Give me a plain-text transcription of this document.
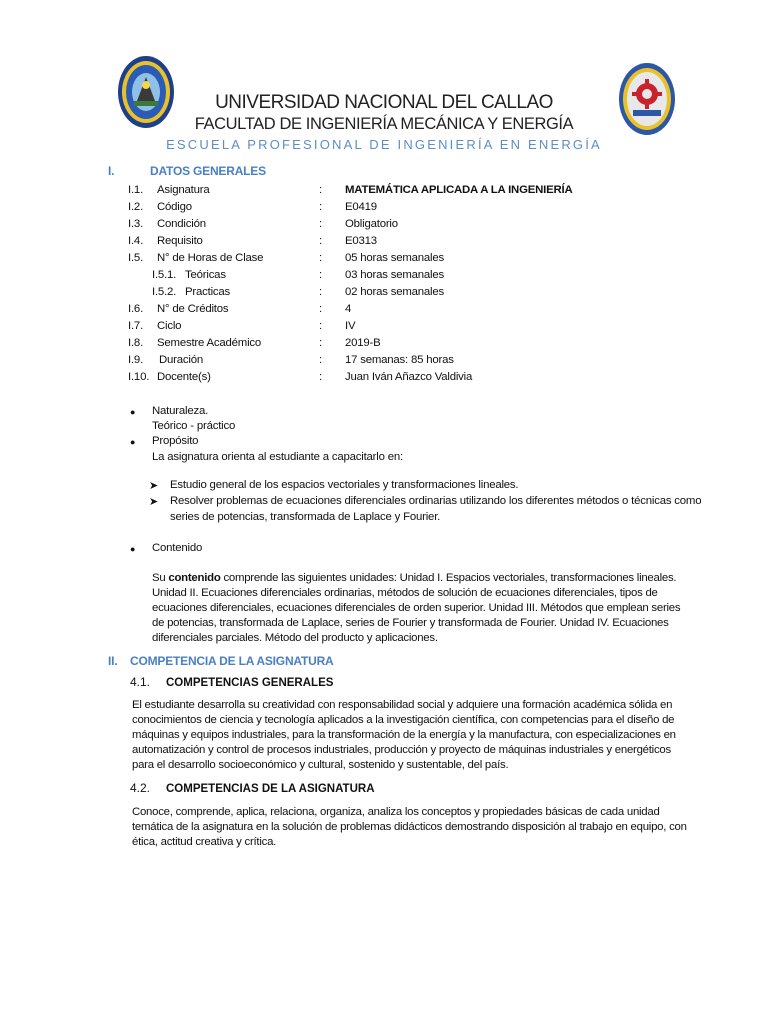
UNIVERSIDAD NACIONAL DEL CALLAO
FACULTAD DE INGENIERÍA MECÁNICA Y ENERGÍA
ESCUELA PROFESIONAL DE INGENIERÍA EN ENERGÍA
I.	DATOS GENERALES
I.1. Asignatura	: MATEMÁTICA APLICADA A LA INGENIERÍA
I.2. Código	: E0419
I.3. Condición	: Obligatorio
I.4. Requisito	: E0313
I.5. N° de Horas de Clase	: 05 horas semanales
I.5.1. Teóricas	: 03 horas semanales
I.5.2. Practicas	: 02 horas semanales
I.6. N° de Créditos	: 4
I.7. Ciclo	: IV
I.8. Semestre Académico	: 2019-B
I.9. Duración	: 17 semanas: 85 horas
I.10. Docente(s)	: Juan Iván Añazco Valdivia
● Naturaleza.
Teórico - práctico
● Propósito
La asignatura orienta al estudiante a capacitarlo en:
➤ Estudio general de los espacios vectoriales y transformaciones lineales.
➤ Resolver problemas de ecuaciones diferenciales ordinarias utilizando los diferentes métodos o técnicas como
series de potencias, transformada de Laplace y Fourier.
● Contenido
Su contenido comprende las siguientes unidades: Unidad I. Espacios vectoriales, transformaciones lineales.
Unidad II. Ecuaciones diferenciales ordinarias, métodos de solución de ecuaciones diferenciales, tipos de
ecuaciones diferenciales, ecuaciones diferenciales de orden superior. Unidad III. Métodos que emplean series
de potencias, transformada de Laplace, series de Fourier y transformada de Fourier. Unidad IV. Ecuaciones
diferenciales parciales. Método del producto y aplicaciones.
II. COMPETENCIA DE LA ASIGNATURA
4.1. COMPETENCIAS GENERALES
El estudiante desarrolla su creatividad con responsabilidad social y adquiere una formación académica sólida en
conocimientos de ciencia y tecnología aplicados a la investigación científica, con competencias para el diseño de
máquinas y equipos industriales, para la transformación de la energía y la manufactura, con especializaciones en
automatización y control de procesos industriales, producción y proyecto de máquinas industriales y energéticos
para el desarrollo socioeconómico y cultural, sostenido y sustentable, del país.
4.2. COMPETENCIAS DE LA ASIGNATURA
Conoce, comprende, aplica, relaciona, organiza, analiza los conceptos y propiedades básicas de cada unidad
temática de la asignatura en la solución de problemas didácticos demostrando disposición al trabajo en equipo, con
ética, actitud creativa y crítica.
